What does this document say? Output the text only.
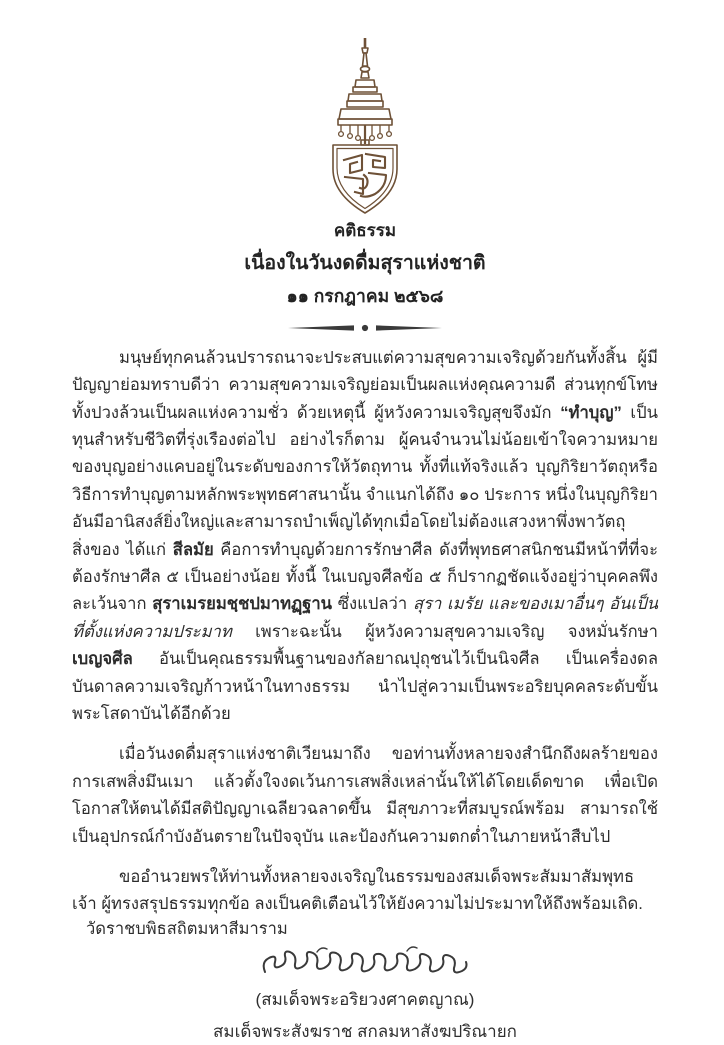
คติธรรม
เนื่องในวันงดดื่มสุราแห่งชาติ
๑๑ กรกฎาคม ๒๕๖๘

มนุษย์ทุกคนล้วนปรารถนาจะประสบแต่ความสุขความเจริญด้วยกันทั้งสิ้น ผู้มีปัญญาย่อมทราบดีว่า ความสุขความเจริญย่อมเป็นผลแห่งคุณความดี ส่วนทุกข์โทษทั้งปวงล้วนเป็นผลแห่งความชั่ว ด้วยเหตุนี้ ผู้หวังความเจริญสุขจึงมัก “ทำบุญ” เป็นทุนสำหรับชีวิตที่รุ่งเรืองต่อไป อย่างไรก็ตาม ผู้คนจำนวนไม่น้อยเข้าใจความหมายของบุญอย่างแคบอยู่ในระดับของการให้วัตถุทาน ทั้งที่แท้จริงแล้ว บุญกิริยาวัตถุหรือวิธีการทำบุญตามหลักพระพุทธศาสนานั้น จำแนกได้ถึง ๑๐ ประการ หนึ่งในบุญกิริยาอันมีอานิสงส์ยิ่งใหญ่และสามารถบำเพ็ญได้ทุกเมื่อโดยไม่ต้องแสวงหาพึ่งพาวัตถุสิ่งของ ได้แก่ สีลมัย คือการทำบุญด้วยการรักษาศีล ดังที่พุทธศาสนิกชนมีหน้าที่ที่จะต้องรักษาศีล ๕ เป็นอย่างน้อย ทั้งนี้ ในเบญจศีลข้อ ๕ ก็ปรากฏชัดแจ้งอยู่ว่าบุคคลพึงละเว้นจาก สุราเมรยมชฺชปมาทฏฺฐาน ซึ่งแปลว่า สุรา เมรัย และของเมาอื่นๆ อันเป็นที่ตั้งแห่งความประมาท เพราะฉะนั้น ผู้หวังความสุขความเจริญ จงหมั่นรักษา เบญจศีล อันเป็นคุณธรรมพื้นฐานของกัลยาณปุถุชนไว้เป็นนิจศีล เป็นเครื่องดลบันดาลความเจริญก้าวหน้าในทางธรรม นำไปสู่ความเป็นพระอริยบุคคลระดับขั้นพระโสดาบันได้อีกด้วย

เมื่อวันงดดื่มสุราแห่งชาติเวียนมาถึง ขอท่านทั้งหลายจงสำนึกถึงผลร้ายของการเสพสิ่งมึนเมา แล้วตั้งใจงดเว้นการเสพสิ่งเหล่านั้นให้ได้โดยเด็ดขาด เพื่อเปิดโอกาสให้ตนได้มีสติปัญญาเฉลียวฉลาดขึ้น มีสุขภาวะที่สมบูรณ์พร้อม สามารถใช้เป็นอุปกรณ์กำบังอันตรายในปัจจุบัน และป้องกันความตกต่ำในภายหน้าสืบไป

ขออำนวยพรให้ท่านทั้งหลายจงเจริญในธรรมของสมเด็จพระสัมมาสัมพุทธเจ้า ผู้ทรงสรุปธรรมทุกข้อ ลงเป็นคติเตือนไว้ให้ยังความไม่ประมาทให้ถึงพร้อมเถิด.

(สมเด็จพระอริยวงศาคตญาณ)
สมเด็จพระสังฆราช สกลมหาสังฆปริณายก
วัดราชบพิธสถิตมหาสีมาราม
